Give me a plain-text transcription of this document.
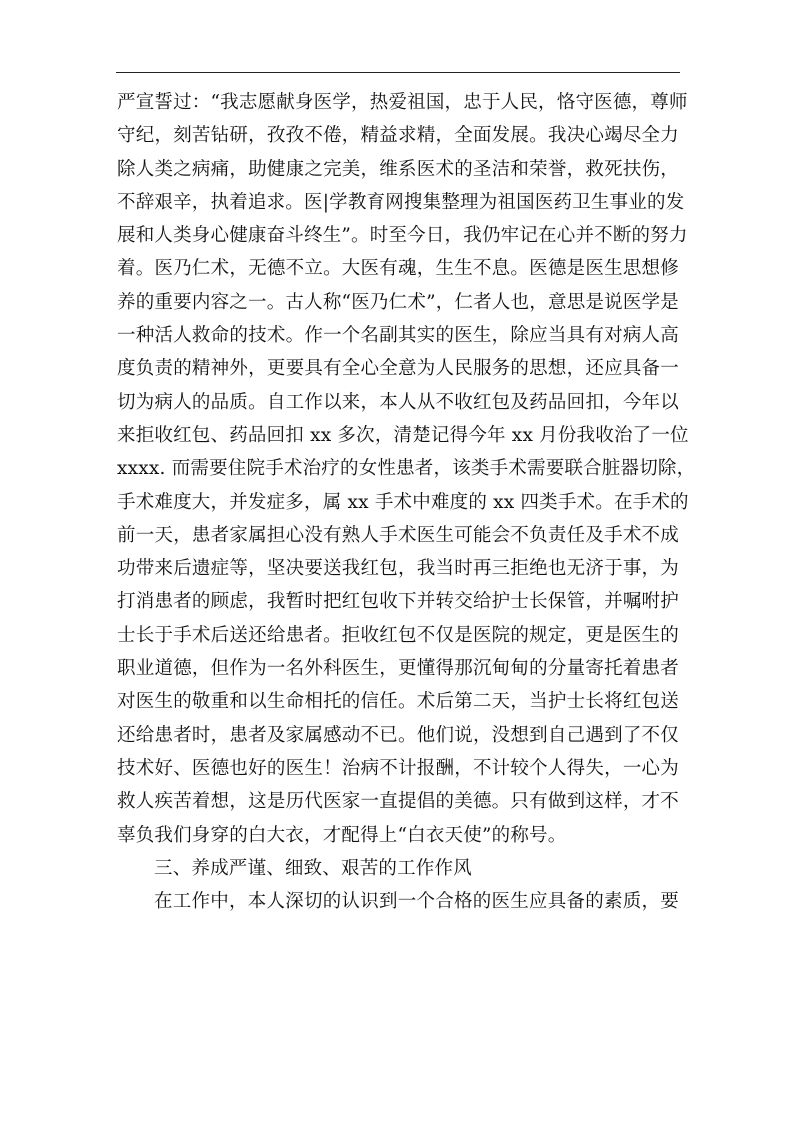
严宣誓过：“我志愿献身医学，热爱祖国，忠于人民，恪守医德，尊师
守纪，刻苦钻研，孜孜不倦，精益求精，全面发展。我决心竭尽全力
除人类之病痛，助健康之完美，维系医术的圣洁和荣誉，救死扶伤，
不辞艰辛，执着追求。医|学教育网搜集整理为祖国医药卫生事业的发
展和人类身心健康奋斗终生”。时至今日，我仍牢记在心并不断的努力
着。医乃仁术，无德不立。大医有魂，生生不息。医德是医生思想修
养的重要内容之一。古人称“医乃仁术”，仁者人也，意思是说医学是
一种活人救命的技术。作一个名副其实的医生，除应当具有对病人高
度负责的精神外，更要具有全心全意为人民服务的思想，还应具备一
切为病人的品质。自工作以来，本人从不收红包及药品回扣，今年以
来拒收红包、药品回扣 xx 多次，清楚记得今年 xx 月份我收治了一位
xxxx. 而需要住院手术治疗的女性患者，该类手术需要联合脏器切除，
手术难度大，并发症多，属 xx 手术中难度的 xx 四类手术。在手术的
前一天，患者家属担心没有熟人手术医生可能会不负责任及手术不成
功带来后遗症等，坚决要送我红包，我当时再三拒绝也无济于事，为
打消患者的顾虑，我暂时把红包收下并转交给护士长保管，并嘱咐护
士长于手术后送还给患者。拒收红包不仅是医院的规定，更是医生的
职业道德，但作为一名外科医生，更懂得那沉甸甸的分量寄托着患者
对医生的敬重和以生命相托的信任。术后第二天，当护士长将红包送
还给患者时，患者及家属感动不已。他们说，没想到自己遇到了不仅
技术好、医德也好的医生！治病不计报酬，不计较个人得失，一心为
救人疾苦着想，这是历代医家一直提倡的美德。只有做到这样，才不
辜负我们身穿的白大衣，才配得上“白衣天使”的称号。
三、养成严谨、细致、艰苦的工作作风
在工作中，本人深切的认识到一个合格的医生应具备的素质，要
